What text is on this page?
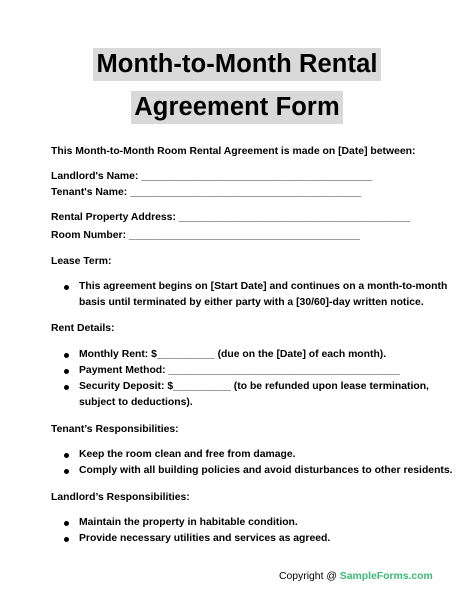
Month-to-Month Rental
Agreement Form
This Month-to-Month Room Rental Agreement is made on [Date] between:
Landlord's Name: ________________________________________
Tenant's Name: ________________________________________
Rental Property Address: ________________________________________
Room Number: ________________________________________
Lease Term:
This agreement begins on [Start Date] and continues on a month-to-month
basis until terminated by either party with a [30/60]-day written notice.
Rent Details:
Monthly Rent: $__________ (due on the [Date] of each month).
Payment Method: ________________________________________
Security Deposit: $__________ (to be refunded upon lease termination,
subject to deductions).
Tenant’s Responsibilities:
Keep the room clean and free from damage.
Comply with all building policies and avoid disturbances to other residents.
Landlord’s Responsibilities:
Maintain the property in habitable condition.
Provide necessary utilities and services as agreed.
Copyright @ SampleForms.com
